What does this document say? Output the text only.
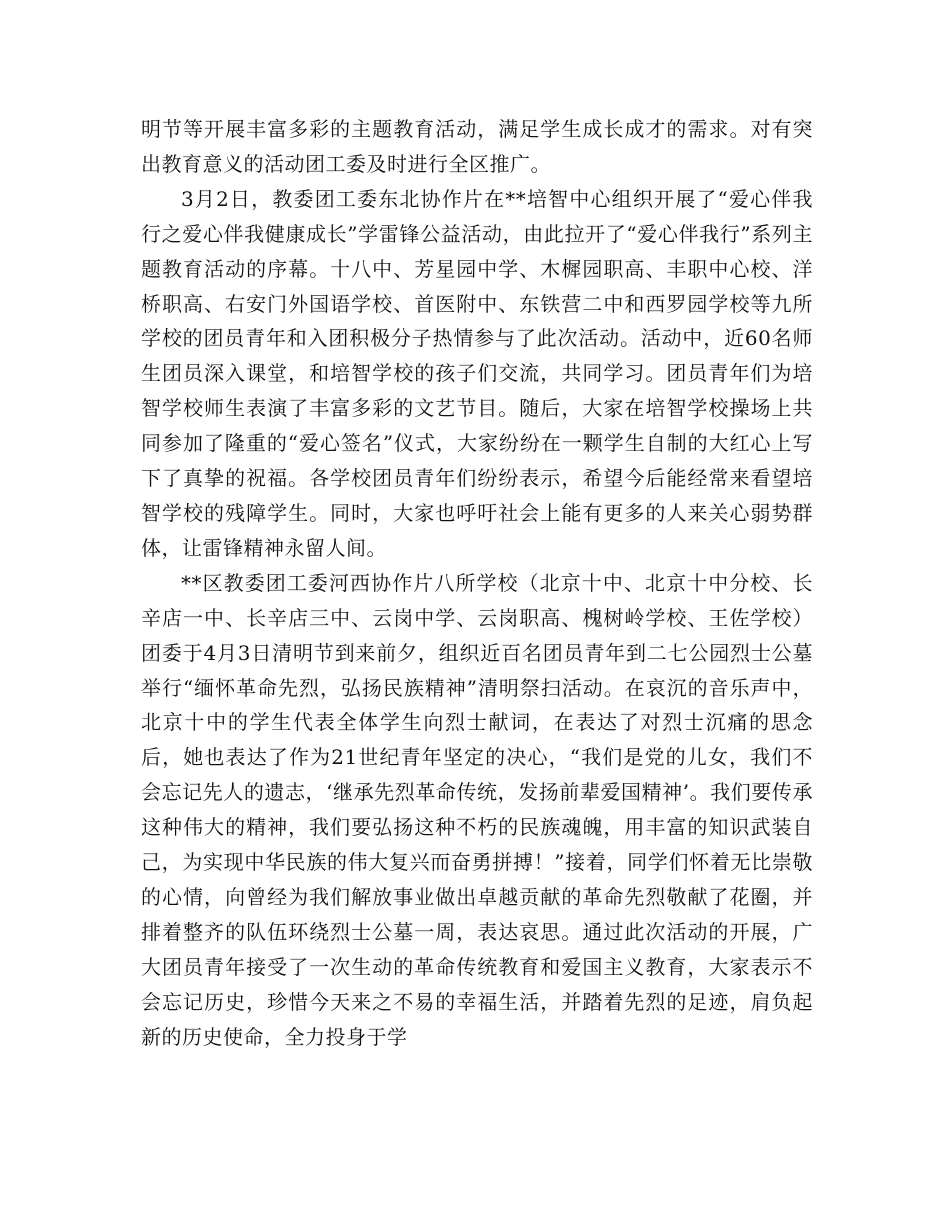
明节等开展丰富多彩的主题教育活动，满足学生成长成才的需求。对有突出教育意义的活动团工委及时进行全区推广。

3月2日，教委团工委东北协作片在**培智中心组织开展了“爱心伴我行之爱心伴我健康成长”学雷锋公益活动，由此拉开了“爱心伴我行”系列主题教育活动的序幕。十八中、芳星园中学、木樨园职高、丰职中心校、洋桥职高、右安门外国语学校、首医附中、东铁营二中和西罗园学校等九所学校的团员青年和入团积极分子热情参与了此次活动。活动中，近60名师生团员深入课堂，和培智学校的孩子们交流，共同学习。团员青年们为培智学校师生表演了丰富多彩的文艺节目。随后，大家在培智学校操场上共同参加了隆重的“爱心签名”仪式，大家纷纷在一颗学生自制的大红心上写下了真挚的祝福。各学校团员青年们纷纷表示，希望今后能经常来看望培智学校的残障学生。同时，大家也呼吁社会上能有更多的人来关心弱势群体，让雷锋精神永留人间。

**区教委团工委河西协作片八所学校（北京十中、北京十中分校、长辛店一中、长辛店三中、云岗中学、云岗职高、槐树岭学校、王佐学校）团委于4月3日清明节到来前夕，组织近百名团员青年到二七公园烈士公墓举行“缅怀革命先烈，弘扬民族精神”清明祭扫活动。在哀沉的音乐声中，北京十中的学生代表全体学生向烈士献词，在表达了对烈士沉痛的思念后，她也表达了作为21世纪青年坚定的决心，“我们是党的儿女，我们不会忘记先人的遗志，‘继承先烈革命传统，发扬前辈爱国精神’。我们要传承这种伟大的精神，我们要弘扬这种不朽的民族魂魄，用丰富的知识武装自己，为实现中华民族的伟大复兴而奋勇拼搏！”接着，同学们怀着无比崇敬的心情，向曾经为我们解放事业做出卓越贡献的革命先烈敬献了花圈，并排着整齐的队伍环绕烈士公墓一周，表达哀思。通过此次活动的开展，广大团员青年接受了一次生动的革命传统教育和爱国主义教育，大家表示不会忘记历史，珍惜今天来之不易的幸福生活，并踏着先烈的足迹，肩负起新的历史使命，全力投身于学
